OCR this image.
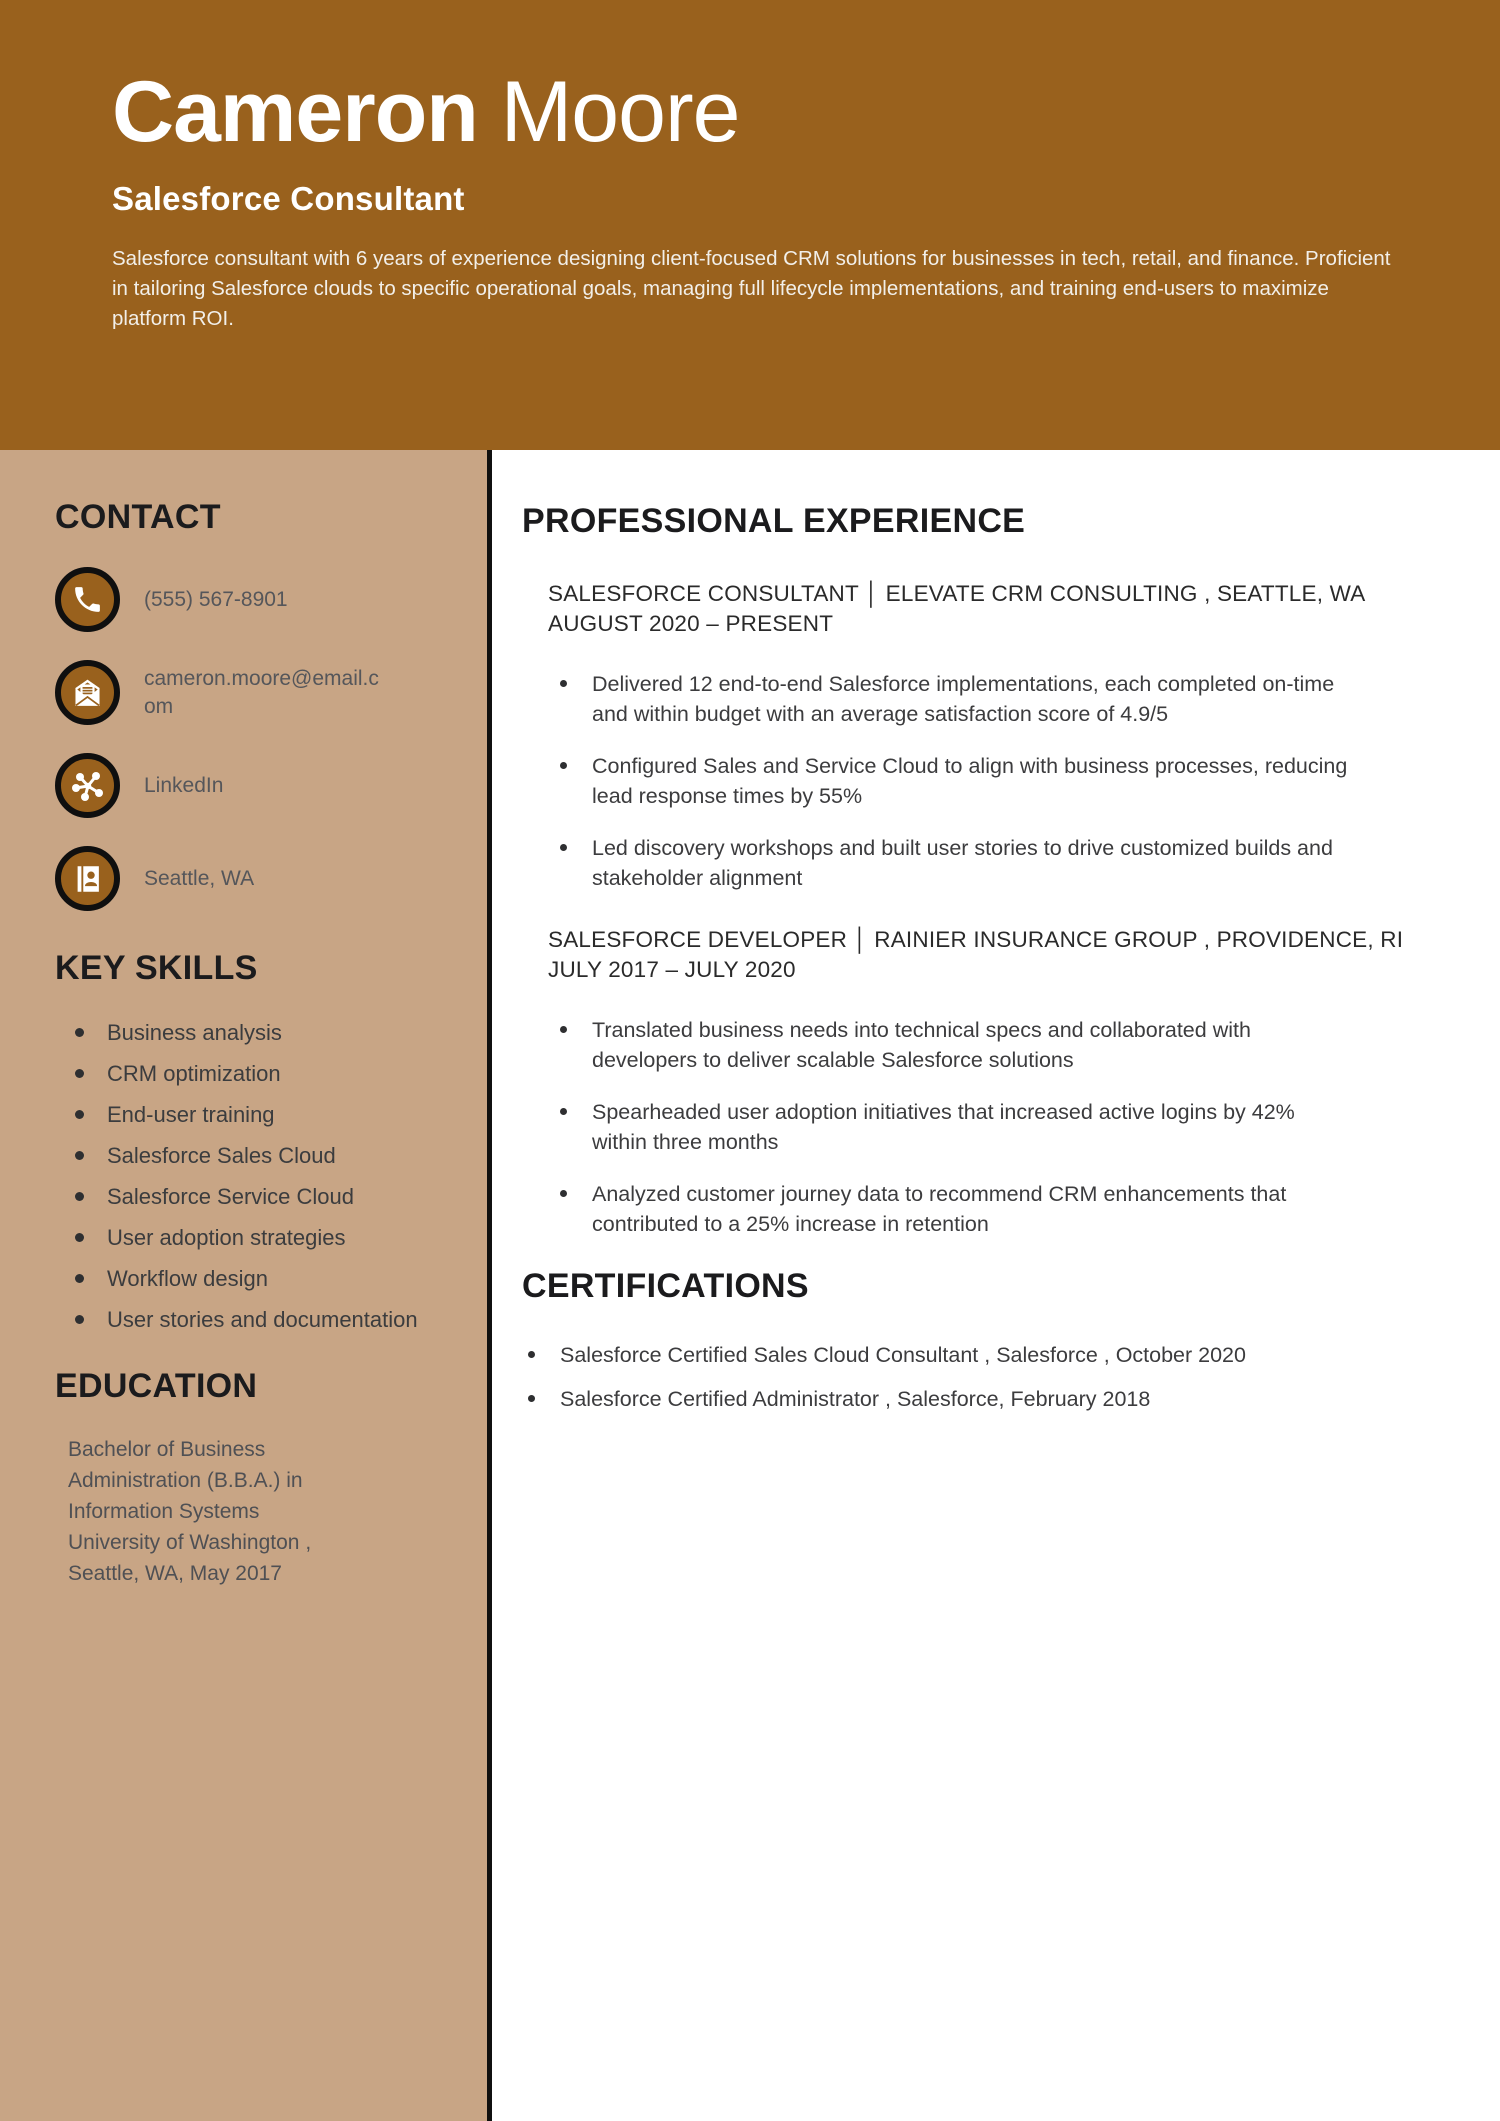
Cameron Moore
Salesforce Consultant

Salesforce consultant with 6 years of experience designing client-focused CRM solutions for businesses in tech, retail, and finance. Proficient in tailoring Salesforce clouds to specific operational goals, managing full lifecycle implementations, and training end-users to maximize platform ROI.

CONTACT
(555) 567-8901
cameron.moore@email.com
LinkedIn
Seattle, WA
KEY SKILLS
Business analysis
CRM optimization
End-user training
Salesforce Sales Cloud
Salesforce Service Cloud
User adoption strategies
Workflow design
User stories and documentation
EDUCATION
Bachelor of Business Administration (B.B.A.) in Information Systems
University of Washington , Seattle, WA, May 2017
PROFESSIONAL EXPERIENCE
SALESFORCE CONSULTANT │ ELEVATE CRM CONSULTING , SEATTLE, WA
AUGUST 2020 – PRESENT
Delivered 12 end-to-end Salesforce implementations, each completed on-time and within budget with an average satisfaction score of 4.9/5
Configured Sales and Service Cloud to align with business processes, reducing lead response times by 55%
Led discovery workshops and built user stories to drive customized builds and stakeholder alignment
SALESFORCE DEVELOPER │ RAINIER INSURANCE GROUP , PROVIDENCE, RI
JULY 2017 – JULY 2020
Translated business needs into technical specs and collaborated with developers to deliver scalable Salesforce solutions
Spearheaded user adoption initiatives that increased active logins by 42% within three months
Analyzed customer journey data to recommend CRM enhancements that contributed to a 25% increase in retention
CERTIFICATIONS
Salesforce Certified Sales Cloud Consultant , Salesforce , October 2020
Salesforce Certified Administrator , Salesforce, February 2018
